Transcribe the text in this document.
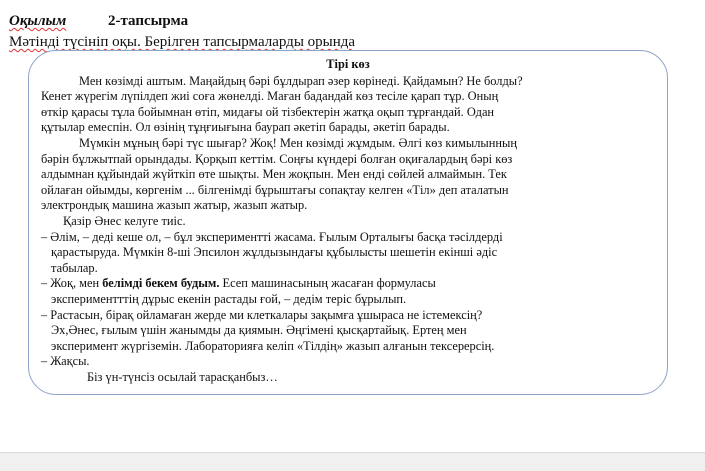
Оқылым	2-тапсырма
Мәтінді түсініп оқы. Берілген тапсырмаларды орында
Тірі көз

Мен көзімді аштым. Маңайдың бәрі бұлдырап әзер көрінеді. Қайдамын? Не болды?

Кенет жүрегім лүпілдеп жиі соға жөнелді. Маған бадандай көз тесіле қарап тұр. Оның

өткір қарасы тұла бойымнан өтіп, мидағы ой тізбектерін жатқа оқып тұрғандай. Одан

құтылар емеспін. Ол өзінің тұңғиығына баурап әкетіп барады, әкетіп барады.

Мүмкін мұның бәрі түс шығар? Жоқ! Мен көзімді жұмдым. Әлгі көз кимылынның

бәрін бұлжытпай орындады. Қорқып кеттім. Соңғы күндері болған оқиғалардың бәрі көз

алдымнан құйындай жүйткіп өте шықты. Мен жоқпын. Мен енді сөйлей алмаймын. Тек

ойлаған ойымды, көргенім ... білгенімді бұрыштағы сопақтау келген «Тіл» деп аталатын

электрондық машина жазып жатыр, жазып жатыр.

Қазір Әнес келуге тиіс.

– Әлім, – деді кеше ол, – бұл экспериментті жасама. Ғылым Орталығы басқа тәсілдерді

қарастыруда. Мүмкін 8-ші Эпсилон жұлдызындағы құбылысты шешетін екінші әдіс

табылар.

– Жоқ, мен белімді бекем будым. Есеп машинасының жасаған формуласы

экспериментттің дұрыс екенін растады ғой, – дедім теріс бұрылып.

– Растасын, бірақ ойламаған жерде ми клеткалары зақымға ұшыраса не істемексің?

Эх,Әнес, ғылым үшін жанымды да қиямын. Әңгімені қысқартайық. Ертең мен

эксперимент жүргіземін. Лабораторияға келіп «Тілдің» жазып алғанын тексерерсің.

– Жақсы.

Біз үн-түнсіз осылай тарасқанбыз…
